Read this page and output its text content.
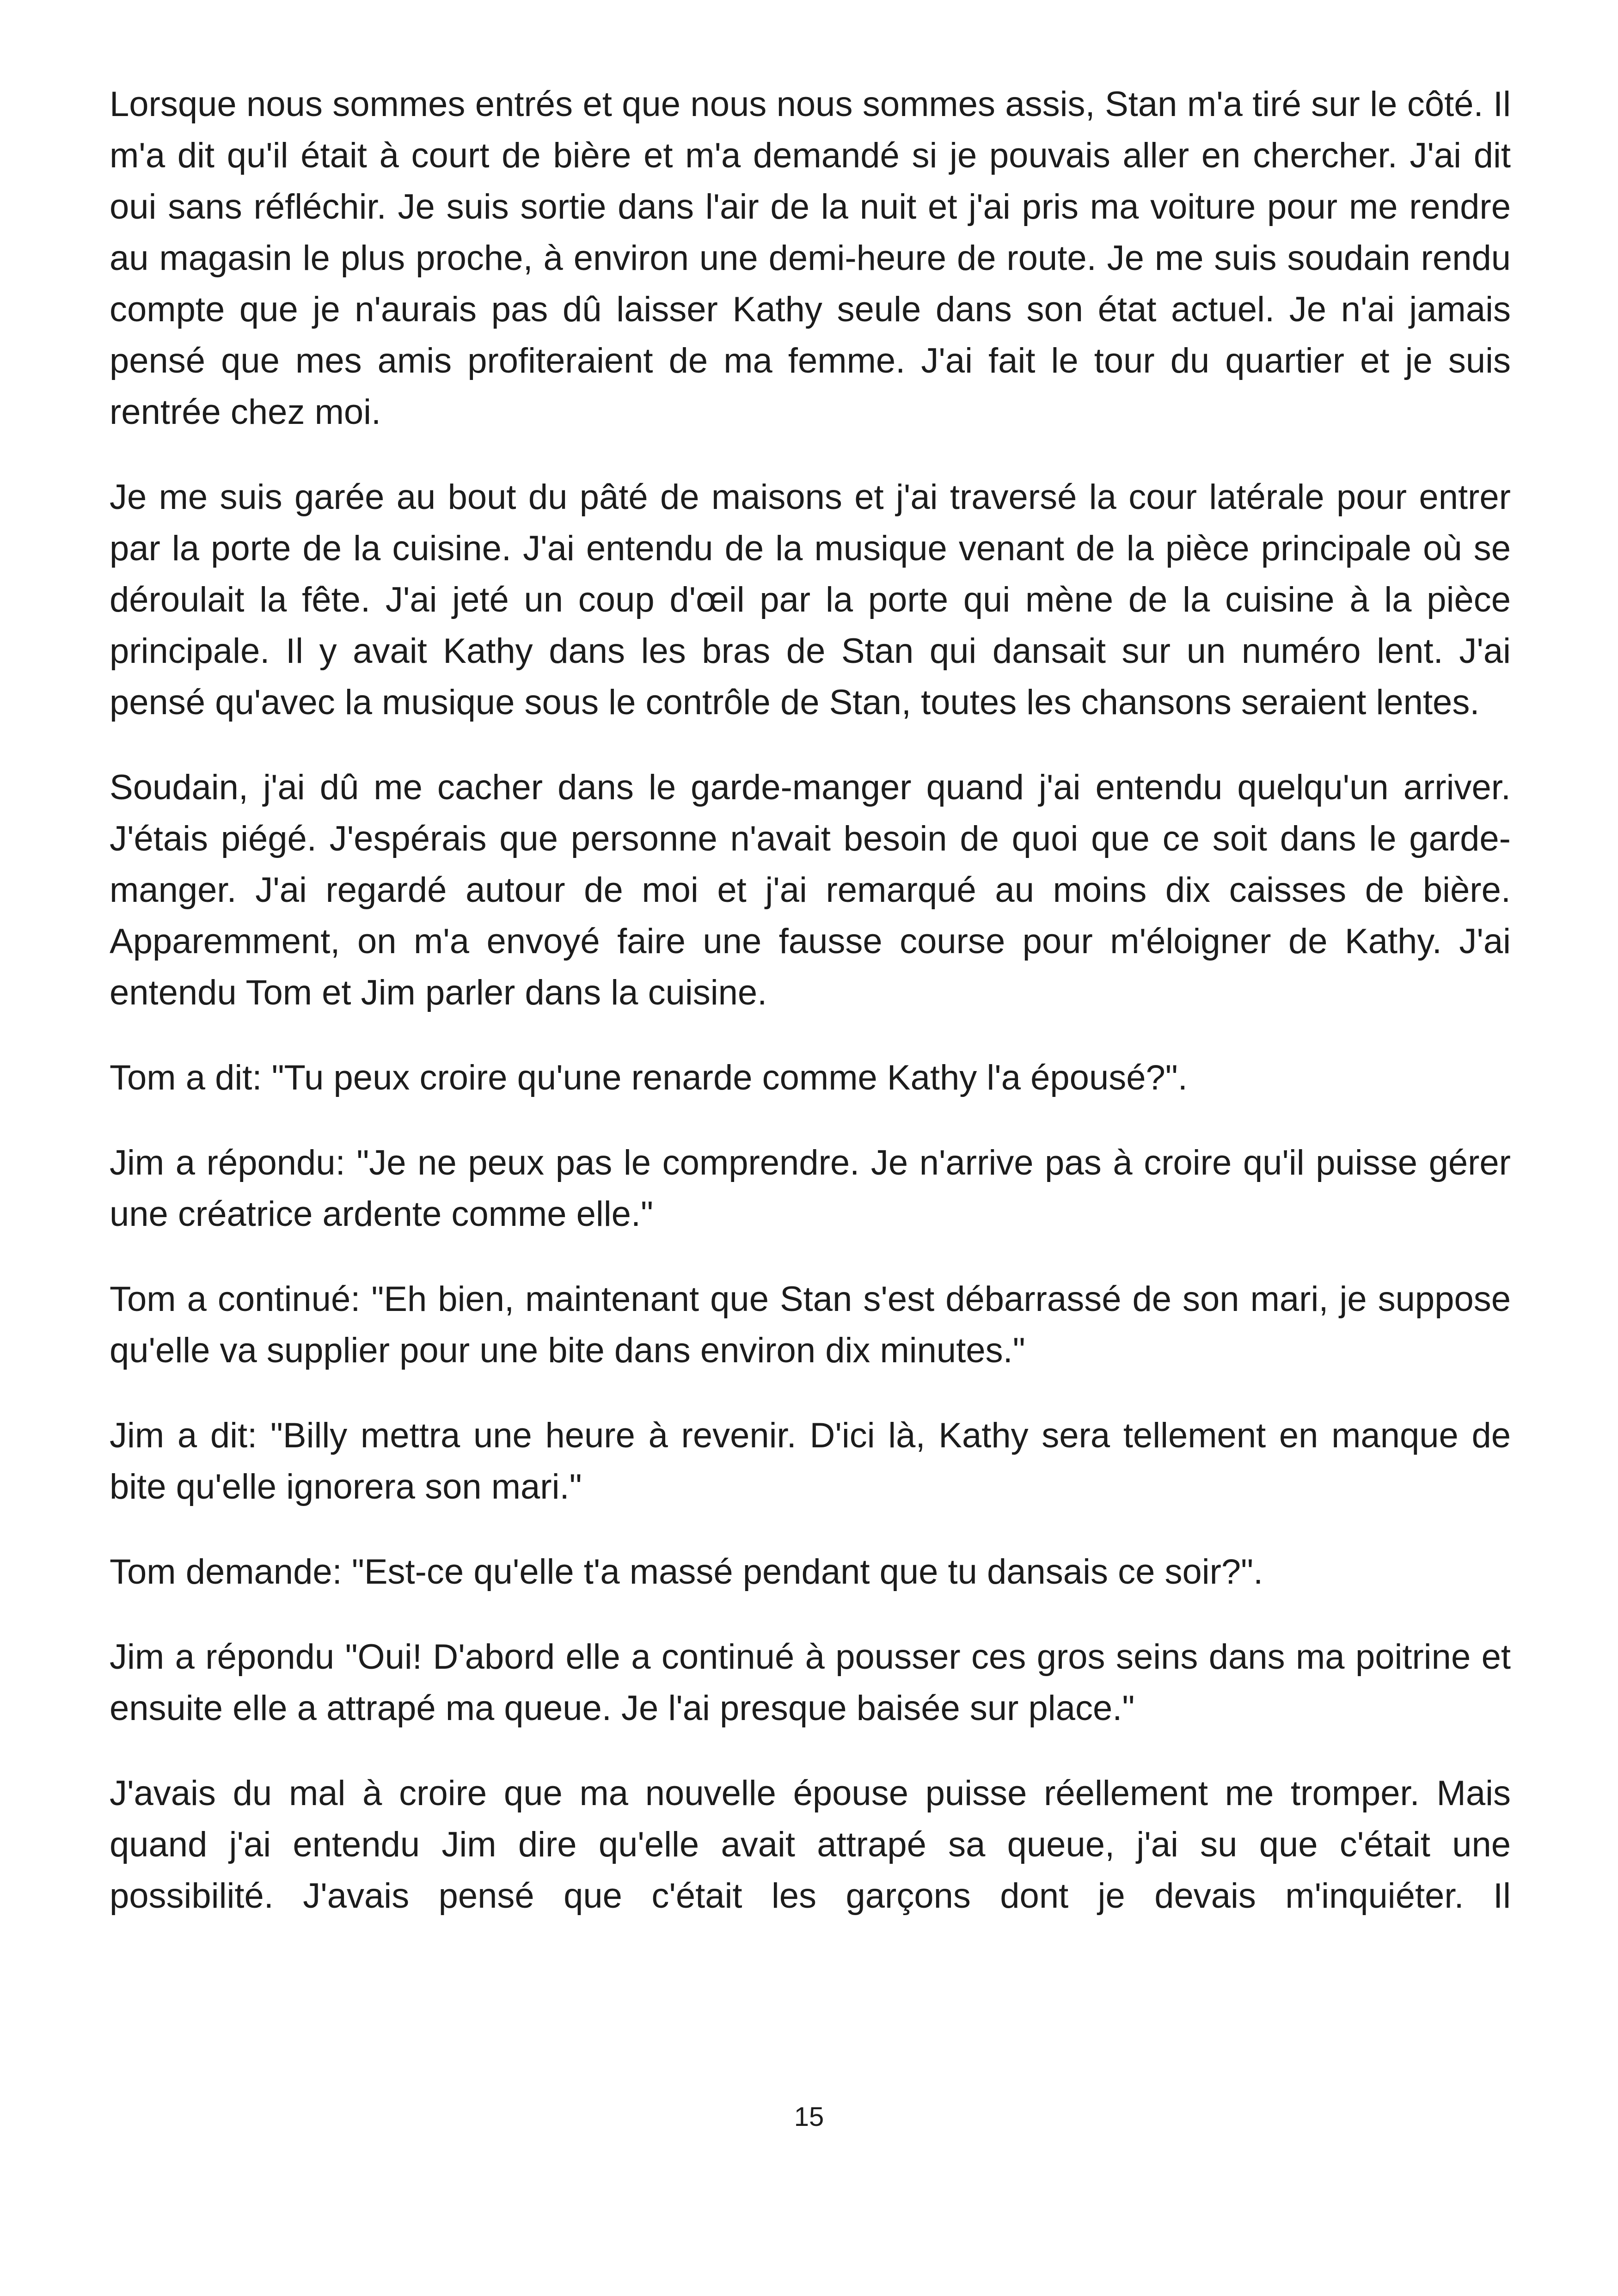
Lorsque nous sommes entrés et que nous nous sommes assis, Stan m'a tiré sur le côté. Il m'a dit qu'il était à court de bière et m'a demandé si je pouvais aller en chercher. J'ai dit oui sans réfléchir. Je suis sortie dans l'air de la nuit et j'ai pris ma voiture pour me rendre au magasin le plus proche, à environ une demi-heure de route. Je me suis soudain rendu compte que je n'aurais pas dû laisser Kathy seule dans son état actuel. Je n'ai jamais pensé que mes amis profiteraient de ma femme. J'ai fait le tour du quartier et je suis rentrée chez moi.

Je me suis garée au bout du pâté de maisons et j'ai traversé la cour latérale pour entrer par la porte de la cuisine. J'ai entendu de la musique venant de la pièce principale où se déroulait la fête. J'ai jeté un coup d'œil par la porte qui mène de la cuisine à la pièce principale. Il y avait Kathy dans les bras de Stan qui dansait sur un numéro lent. J'ai pensé qu'avec la musique sous le contrôle de Stan, toutes les chansons seraient lentes.

Soudain, j'ai dû me cacher dans le garde-manger quand j'ai entendu quelqu'un arriver. J'étais piégé. J'espérais que personne n'avait besoin de quoi que ce soit dans le garde-manger. J'ai regardé autour de moi et j'ai remarqué au moins dix caisses de bière. Apparemment, on m'a envoyé faire une fausse course pour m'éloigner de Kathy. J'ai entendu Tom et Jim parler dans la cuisine.

Tom a dit: "Tu peux croire qu'une renarde comme Kathy l'a épousé?".

Jim a répondu: "Je ne peux pas le comprendre. Je n'arrive pas à croire qu'il puisse gérer une créatrice ardente comme elle."

Tom a continué: "Eh bien, maintenant que Stan s'est débarrassé de son mari, je suppose qu'elle va supplier pour une bite dans environ dix minutes."

Jim a dit: "Billy mettra une heure à revenir. D'ici là, Kathy sera tellement en manque de bite qu'elle ignorera son mari."

Tom demande: "Est-ce qu'elle t'a massé pendant que tu dansais ce soir?".

Jim a répondu "Oui! D'abord elle a continué à pousser ces gros seins dans ma poitrine et ensuite elle a attrapé ma queue. Je l'ai presque baisée sur place."

J'avais du mal à croire que ma nouvelle épouse puisse réellement me tromper. Mais quand j'ai entendu Jim dire qu'elle avait attrapé sa queue, j'ai su que c'était une possibilité. J'avais pensé que c'était les garçons dont je devais m'inquiéter. Il

15
